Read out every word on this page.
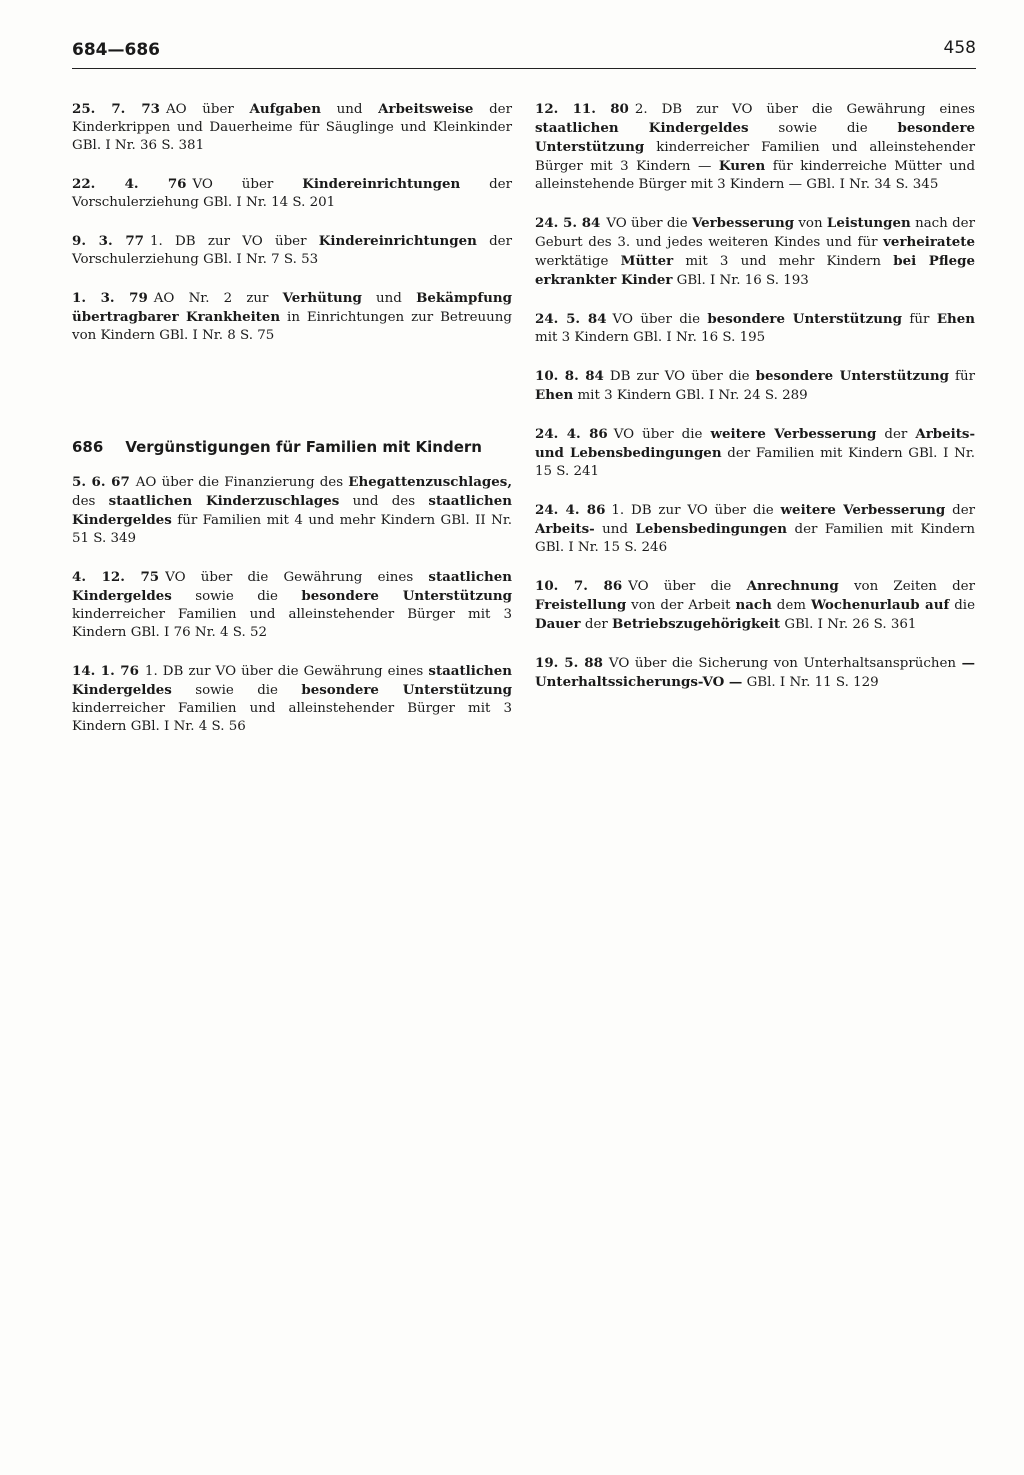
684—686	458
25. 7. 73 AO über Aufgaben und Arbeitsweise der Kinderkrippen und Dauerheime für Säuglinge und Kleinkinder GBl. I Nr. 36 S. 381
22. 4. 76 VO über Kindereinrichtungen der Vorschulerziehung GBl. I Nr. 14 S. 201
9. 3. 77 1. DB zur VO über Kindereinrichtungen der Vorschulerziehung GBl. I Nr. 7 S. 53
1. 3. 79 AO Nr. 2 zur Verhütung und Bekämpfung übertragbarer Krankheiten in Einrichtungen zur Betreuung von Kindern GBl. I Nr. 8 S. 75
686 Vergünstigungen für Familien mit Kindern
5. 6. 67 AO über die Finanzierung des Ehegattenzuschlages, des staatlichen Kinderzuschlages und des staatlichen Kindergeldes für Familien mit 4 und mehr Kindern GBl. II Nr. 51 S. 349
4. 12. 75 VO über die Gewährung eines staatlichen Kindergeldes sowie die besondere Unterstützung kinderreicher Familien und alleinstehender Bürger mit 3 Kindern GBl. I 76 Nr. 4 S. 52
14. 1. 76 1. DB zur VO über die Gewährung eines staatlichen Kindergeldes sowie die besondere Unterstützung kinderreicher Familien und alleinstehender Bürger mit 3 Kindern GBl. I Nr. 4 S. 56
12. 11. 80 2. DB zur VO über die Gewährung eines staatlichen Kindergeldes sowie die besondere Unterstützung kinderreicher Familien und alleinstehender Bürger mit 3 Kindern — Kuren für kinderreiche Mütter und alleinstehende Bürger mit 3 Kindern — GBl. I Nr. 34 S. 345
24. 5. 84 VO über die Verbesserung von Leistungen nach der Geburt des 3. und jedes weiteren Kindes und für verheiratete werktätige Mütter mit 3 und mehr Kindern bei Pflege erkrankter Kinder GBl. I Nr. 16 S. 193
24. 5. 84 VO über die besondere Unterstützung für Ehen mit 3 Kindern GBl. I Nr. 16 S. 195
10. 8. 84 DB zur VO über die besondere Unterstützung für Ehen mit 3 Kindern GBl. I Nr. 24 S. 289
24. 4. 86 VO über die weitere Verbesserung der Arbeits- und Lebensbedingungen der Familien mit Kindern GBl. I Nr. 15 S. 241
24. 4. 86 1. DB zur VO über die weitere Verbesserung der Arbeits- und Lebensbedingungen der Familien mit Kindern GBl. I Nr. 15 S. 246
10. 7. 86 VO über die Anrechnung von Zeiten der Freistellung von der Arbeit nach dem Wochenurlaub auf die Dauer der Betriebszugehörigkeit GBl. I Nr. 26 S. 361
19. 5. 88 VO über die Sicherung von Unterhaltsansprüchen — Unterhaltssicherungs-VO — GBl. I Nr. 11 S. 129
